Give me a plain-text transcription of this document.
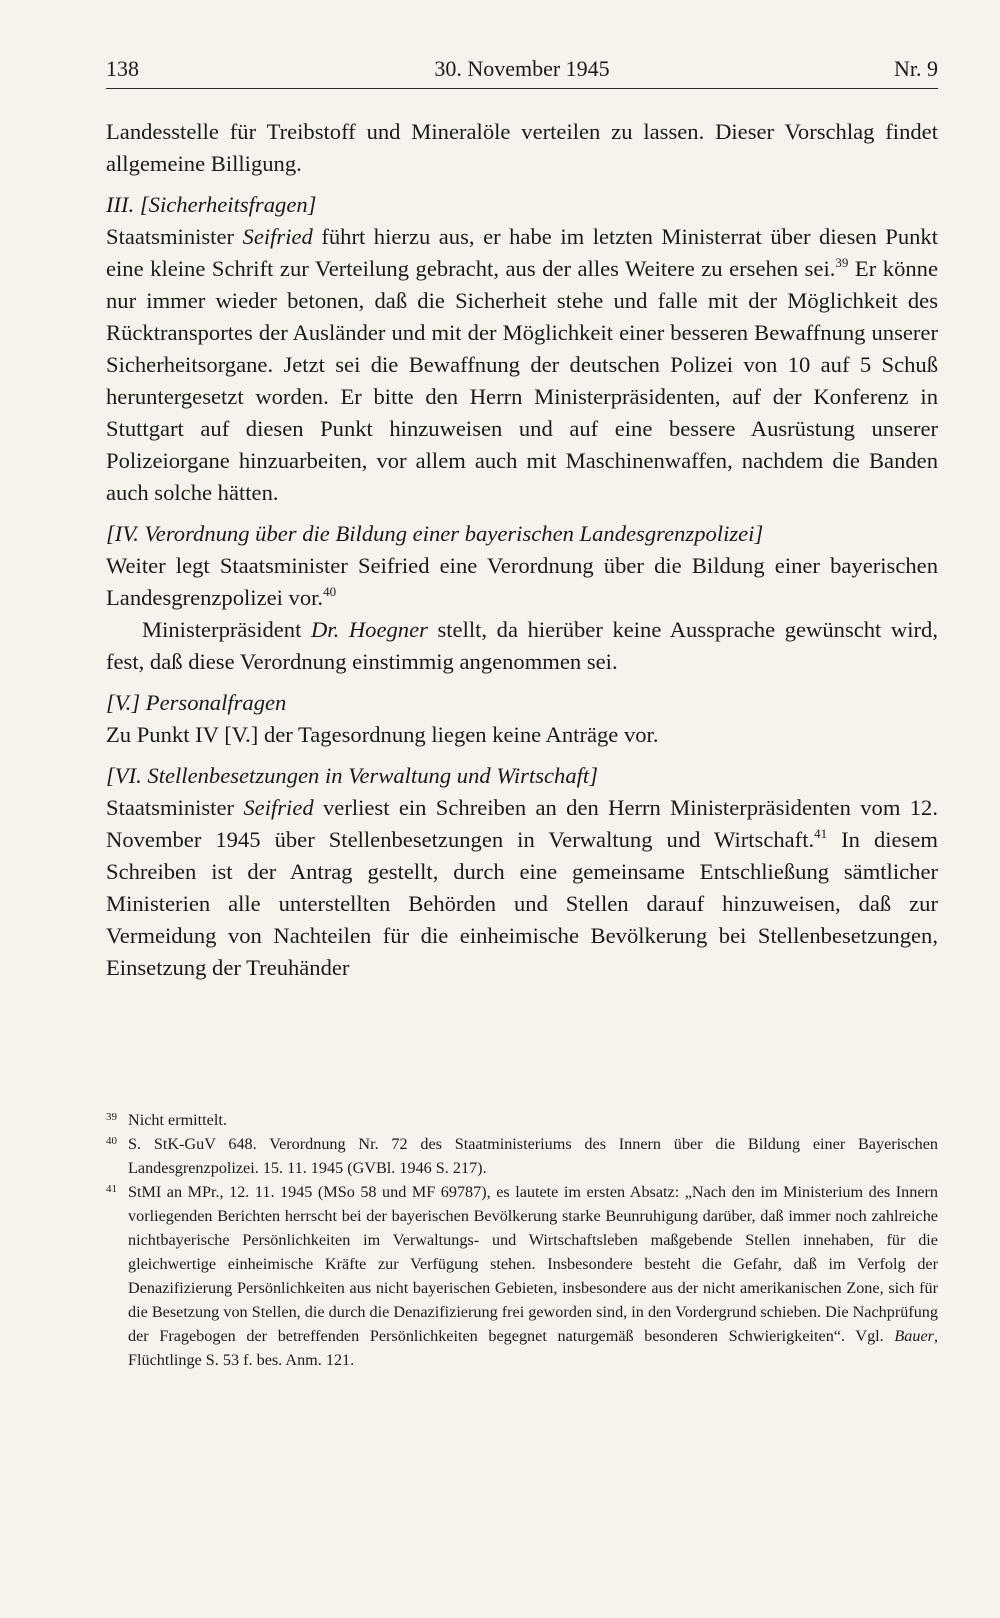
138	30. November 1945	Nr. 9

Landesstelle für Treibstoff und Mineralöle verteilen zu lassen. Dieser Vorschlag findet allgemeine Billigung.

III. [Sicherheitsfragen]

Staatsminister Seifried führt hierzu aus, er habe im letzten Ministerrat über diesen Punkt eine kleine Schrift zur Verteilung gebracht, aus der alles Weitere zu ersehen sei.$^{39}$ Er könne nur immer wieder betonen, daß die Sicherheit stehe und falle mit der Möglichkeit des Rücktransportes der Ausländer und mit der Möglichkeit einer besseren Bewaffnung unserer Sicherheitsorgane. Jetzt sei die Bewaffnung der deutschen Polizei von 10 auf 5 Schuß heruntergesetzt worden. Er bitte den Herrn Ministerpräsidenten, auf der Konferenz in Stuttgart auf diesen Punkt hinzuweisen und auf eine bessere Ausrüstung unserer Polizeiorgane hinzuarbeiten, vor allem auch mit Maschinenwaffen, nachdem die Banden auch solche hätten.

[IV. Verordnung über die Bildung einer bayerischen Landesgrenzpolizei]

Weiter legt Staatsminister Seifried eine Verordnung über die Bildung einer bayerischen Landesgrenzpolizei vor.$^{40}$

Ministerpräsident Dr. Hoegner stellt, da hierüber keine Aussprache gewünscht wird, fest, daß diese Verordnung einstimmig angenommen sei.

[V.] Personalfragen

Zu Punkt IV [V.] der Tagesordnung liegen keine Anträge vor.

[VI. Stellenbesetzungen in Verwaltung und Wirtschaft]

Staatsminister Seifried verliest ein Schreiben an den Herrn Ministerpräsidenten vom 12. November 1945 über Stellenbesetzungen in Verwaltung und Wirtschaft.$^{41}$ In diesem Schreiben ist der Antrag gestellt, durch eine gemeinsame Entschließung sämtlicher Ministerien alle unterstellten Behörden und Stellen darauf hinzuweisen, daß zur Vermeidung von Nachteilen für die einheimische Bevölkerung bei Stellenbesetzungen, Einsetzung der Treuhänder

39 Nicht ermittelt.
40 S. StK-GuV 648. Verordnung Nr. 72 des Staatministeriums des Innern über die Bildung einer Bayerischen Landesgrenzpolizei. 15. 11. 1945 (GVBl. 1946 S. 217).
41 StMI an MPr., 12. 11. 1945 (MSo 58 und MF 69787), es lautete im ersten Absatz: „Nach den im Ministerium des Innern vorliegenden Berichten herrscht bei der bayerischen Bevölkerung starke Beunruhigung darüber, daß immer noch zahlreiche nichtbayerische Persönlichkeiten im Verwaltungs- und Wirtschaftsleben maßgebende Stellen innehaben, für die gleichwertige einheimische Kräfte zur Verfügung stehen. Insbesondere besteht die Gefahr, daß im Verfolg der Denazifizierung Persönlichkeiten aus nicht bayerischen Gebieten, insbesondere aus der nicht amerikanischen Zone, sich für die Besetzung von Stellen, die durch die Denazifizierung frei geworden sind, in den Vordergrund schieben. Die Nachprüfung der Fragebogen der betreffenden Persönlichkeiten begegnet naturgemäß besonderen Schwierigkeiten“. Vgl. Bauer, Flüchtlinge S. 53 f. bes. Anm. 121.
